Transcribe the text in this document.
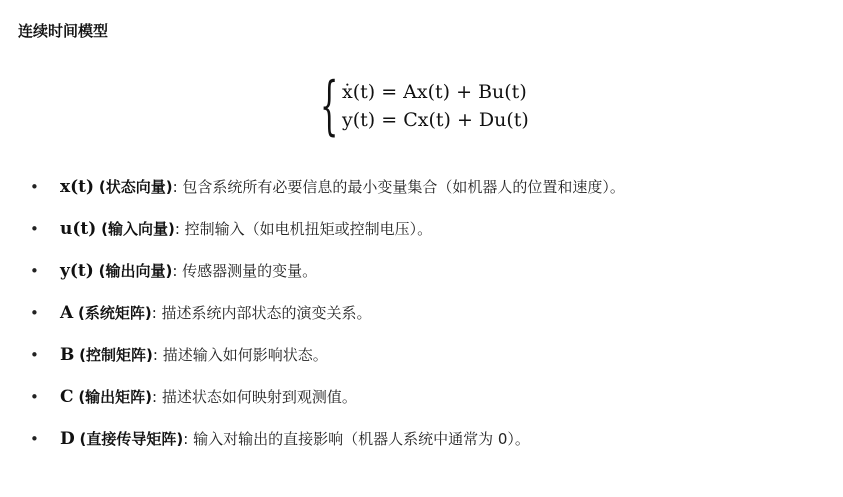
连续时间模型
{ ẋ(t) = Ax(t) + Bu(t)
y(t) = Cx(t) + Du(t)
• x(t) (状态向量): 包含系统所有必要信息的最小变量集合（如机器人的位置和速度）。
• u(t) (输入向量): 控制输入（如电机扭矩或控制电压）。
• y(t) (输出向量): 传感器测量的变量。
• A (系统矩阵): 描述系统内部状态的演变关系。
• B (控制矩阵): 描述输入如何影响状态。
• C (输出矩阵): 描述状态如何映射到观测值。
• D (直接传导矩阵): 输入对输出的直接影响（机器人系统中通常为 0）。
